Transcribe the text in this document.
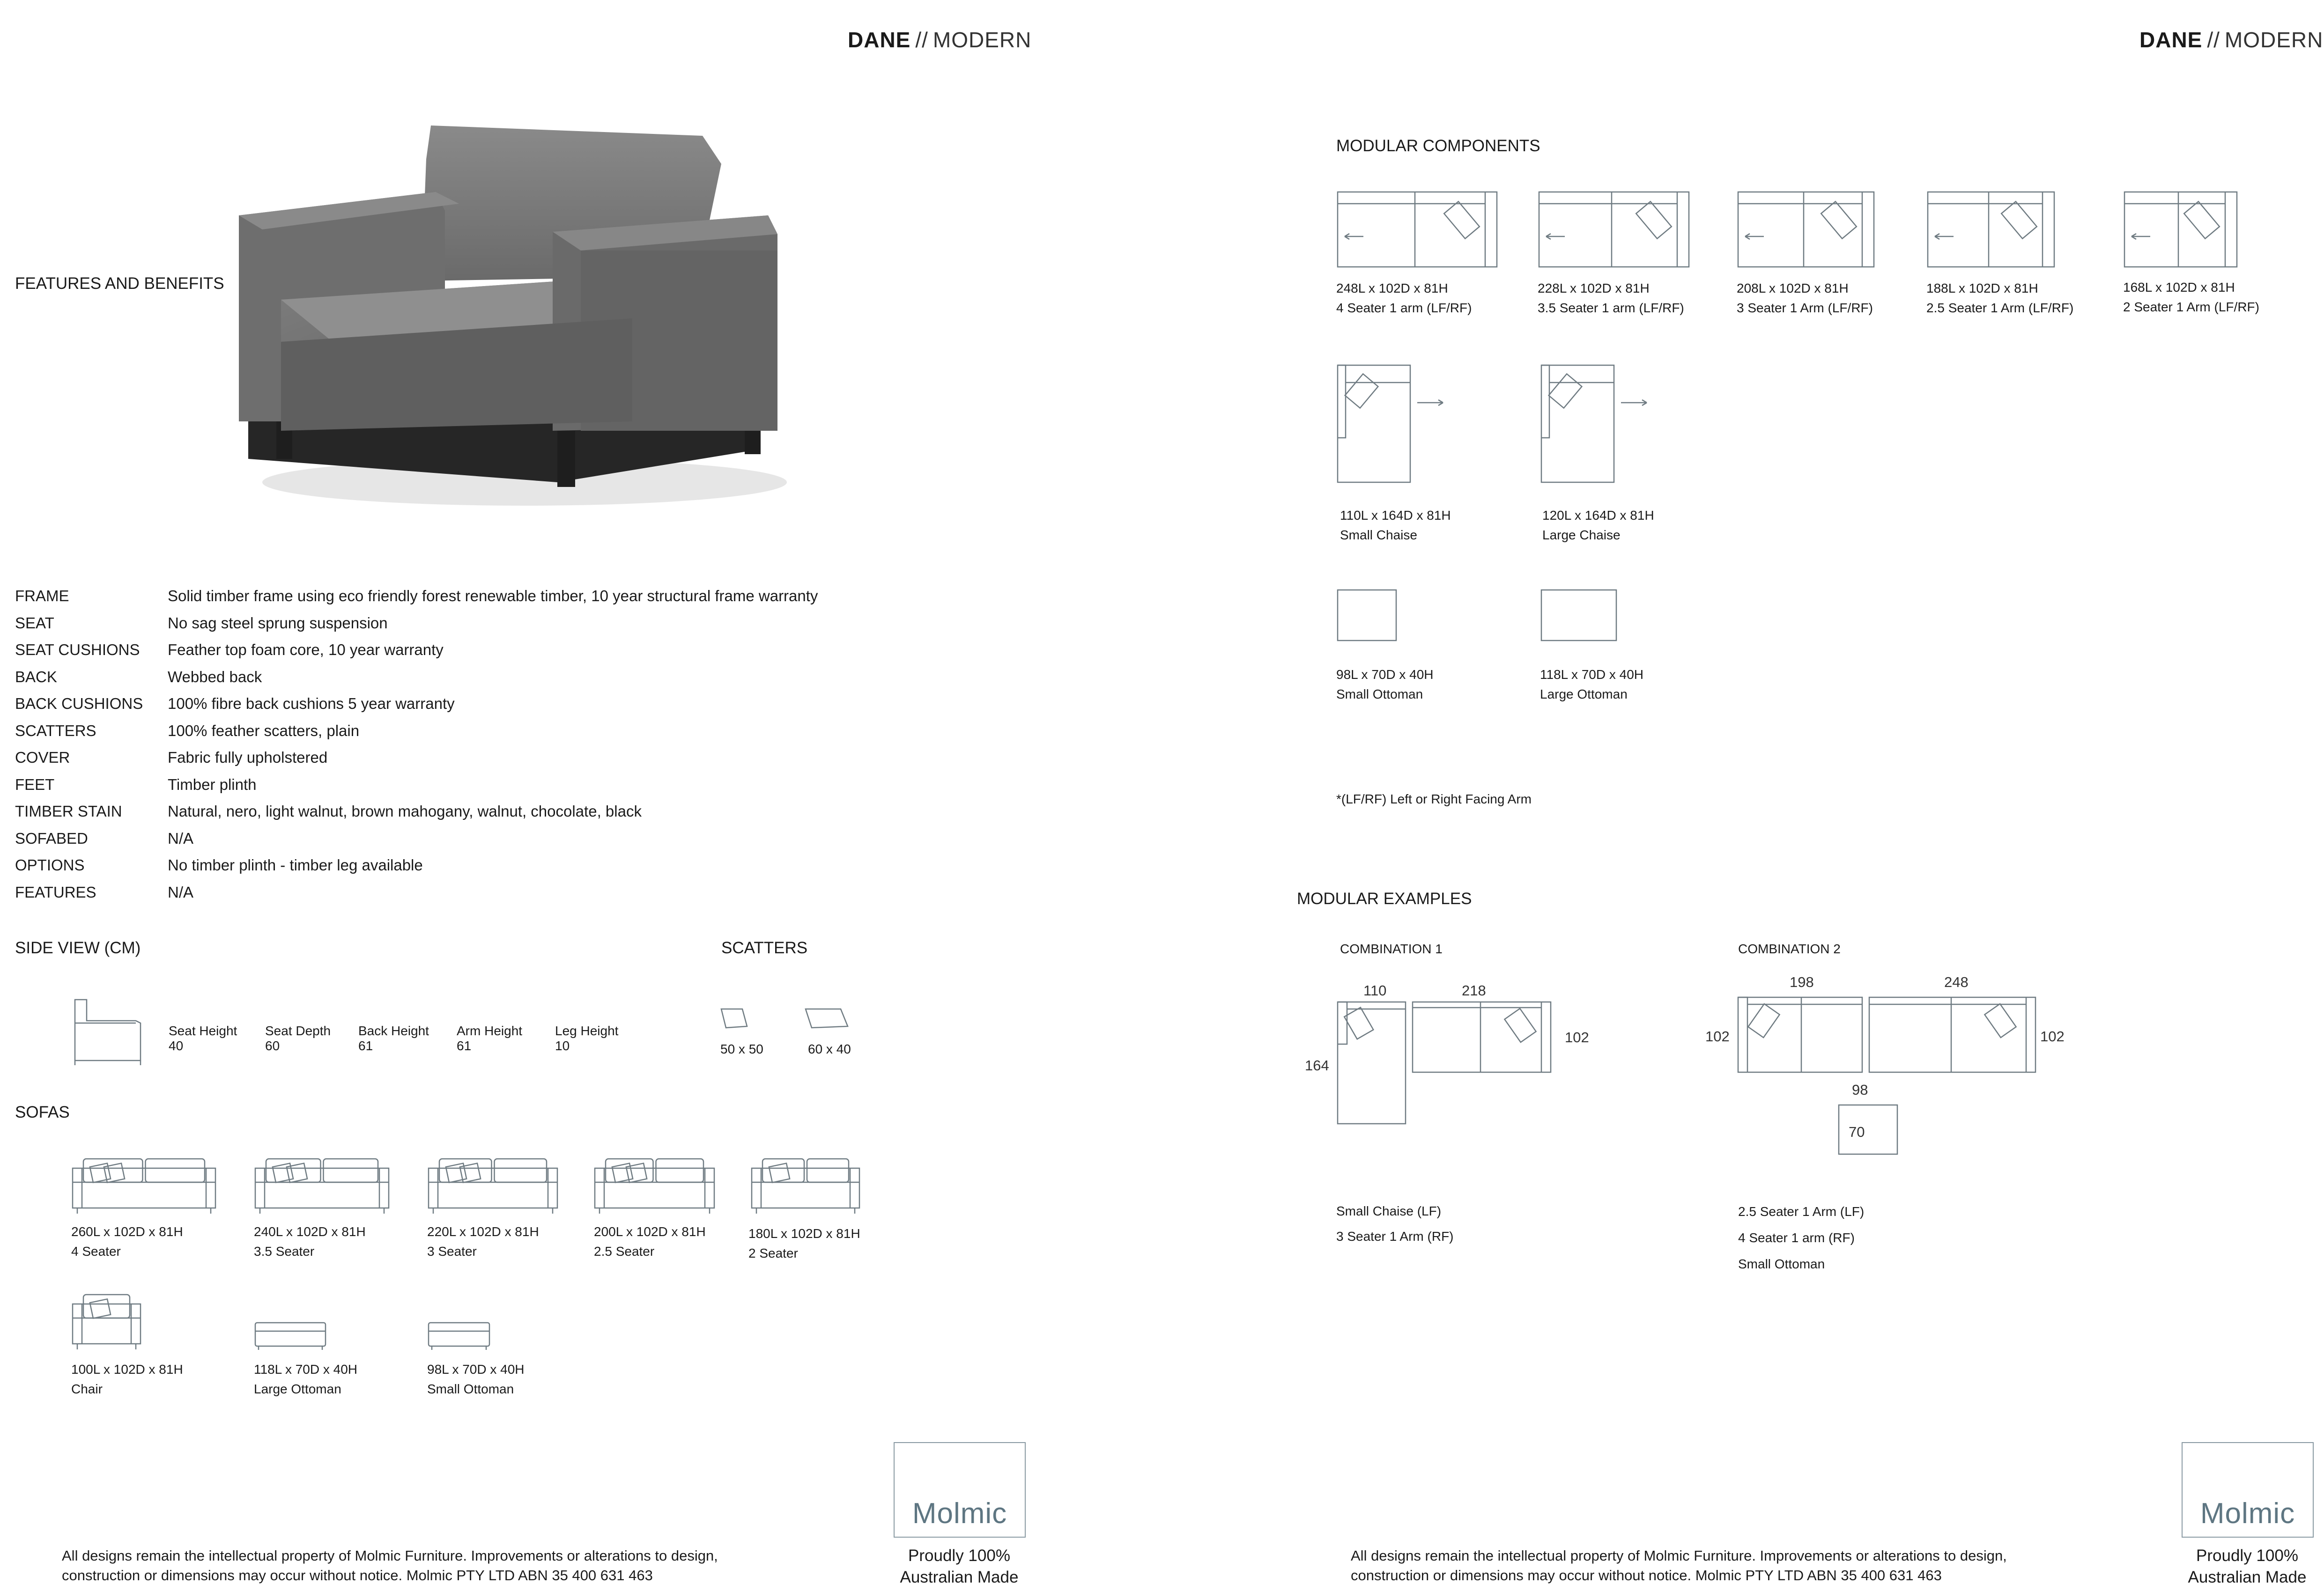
DANE // MODERN
FEATURES AND BENEFITS
FRAME	Solid timber frame using eco friendly forest renewable timber, 10 year structural frame warranty
SEAT	No sag steel sprung suspension
SEAT CUSHIONS Feather top foam core, 10 year warranty
BACK	Webbed back
BACK CUSHIONS 100% fibre back cushions 5 year warranty
SCATTERS	100% feather scatters, plain
COVER	Fabric fully upholstered
FEET	Timber plinth
TIMBER STAIN	Natural, nero, light walnut, brown mahogany, walnut, chocolate, black
SOFABED	N/A
OPTIONS	No timber plinth - timber leg available
FEATURES	N/A
SIDE VIEW (CM)
Seat Height
40
Seat Depth
60
Back Height
61
Arm Height
61
Leg Height
10
SCATTERS
50 x 50	60 x 40
SOFAS
260L x 102D x 81H
4 Seater
240L x 102D x 81H
3.5 Seater
220L x 102D x 81H
3 Seater
200L x 102D x 81H
2.5 Seater
180L x 102D x 81H
2 Seater
100L x 102D x 81H
Chair
118L x 70D x 40H
Large Ottoman
98L x 70D x 40H
Small Ottoman
All designs remain the intellectual property of Molmic Furniture. Improvements or alterations to design,
construction or dimensions may occur without notice. Molmic PTY LTD ABN 35 400 631 463
Molmic
Proudly 100%
Australian Made
DANE // MODERN
MODULAR COMPONENTS
248L x 102D x 81H
4 Seater 1 arm (LF/RF)
228L x 102D x 81H
3.5 Seater 1 arm (LF/RF)
208L x 102D x 81H
3 Seater 1 Arm (LF/RF)
188L x 102D x 81H
2.5 Seater 1 Arm (LF/RF)
168L x 102D x 81H
2 Seater 1 Arm (LF/RF)
110L x 164D x 81H
Small Chaise
120L x 164D x 81H
Large Chaise
98L x 70D x 40H
Small Ottoman
118L x 70D x 40H
Large Ottoman
*(LF/RF) Left or Right Facing Arm
MODULAR EXAMPLES
COMBINATION 1
110	218
102
164
Small Chaise (LF)
3 Seater 1 Arm (RF)
COMBINATION 2
198	248
102	102
98
70
2.5 Seater 1 Arm (LF)
4 Seater 1 arm (RF)
Small Ottoman
All designs remain the intellectual property of Molmic Furniture. Improvements or alterations to design,
construction or dimensions may occur without notice. Molmic PTY LTD ABN 35 400 631 463
Molmic
Proudly 100%
Australian Made
